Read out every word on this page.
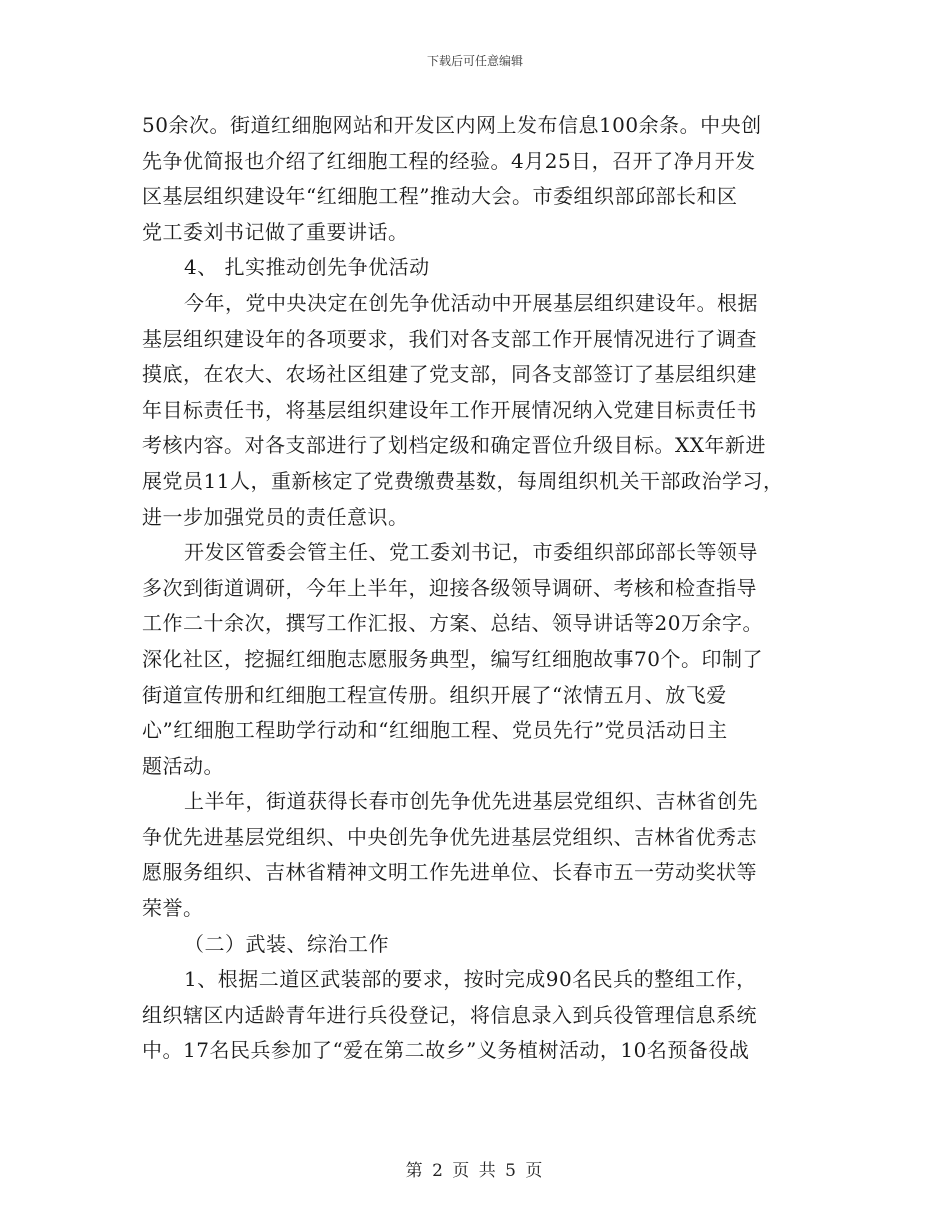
下载后可任意编辑
50余次。街道红细胞网站和开发区内网上发布信息100余条。中央创
先争优简报也介绍了红细胞工程的经验。4月25日，召开了净月开发
区基层组织建设年“红细胞工程”推动大会。市委组织部邱部长和区
党工委刘书记做了重要讲话。
4、 扎实推动创先争优活动
今年，党中央决定在创先争优活动中开展基层组织建设年。根据
基层组织建设年的各项要求，我们对各支部工作开展情况进行了调查
摸底，在农大、农场社区组建了党支部，同各支部签订了基层组织建
年目标责任书，将基层组织建设年工作开展情况纳入党建目标责任书
考核内容。对各支部进行了划档定级和确定晋位升级目标。XX年新进
展党员11人，重新核定了党费缴费基数，每周组织机关干部政治学习，
进一步加强党员的责任意识。
开发区管委会管主任、党工委刘书记，市委组织部邱部长等领导
多次到街道调研，今年上半年，迎接各级领导调研、考核和检查指导
工作二十余次，撰写工作汇报、方案、总结、领导讲话等20万余字。
深化社区，挖掘红细胞志愿服务典型，编写红细胞故事70个。印制了
街道宣传册和红细胞工程宣传册。组织开展了“浓情五月、放飞爱
心”红细胞工程助学行动和“红细胞工程、党员先行”党员活动日主
题活动。
上半年，街道获得长春市创先争优先进基层党组织、吉林省创先
争优先进基层党组织、中央创先争优先进基层党组织、吉林省优秀志
愿服务组织、吉林省精神文明工作先进单位、长春市五一劳动奖状等
荣誉。
（二）武装、综治工作
1、根据二道区武装部的要求，按时完成90名民兵的整组工作，
组织辖区内适龄青年进行兵役登记，将信息录入到兵役管理信息系统
中。17名民兵参加了“爱在第二故乡”义务植树活动，10名预备役战
第 2 页 共 5 页
